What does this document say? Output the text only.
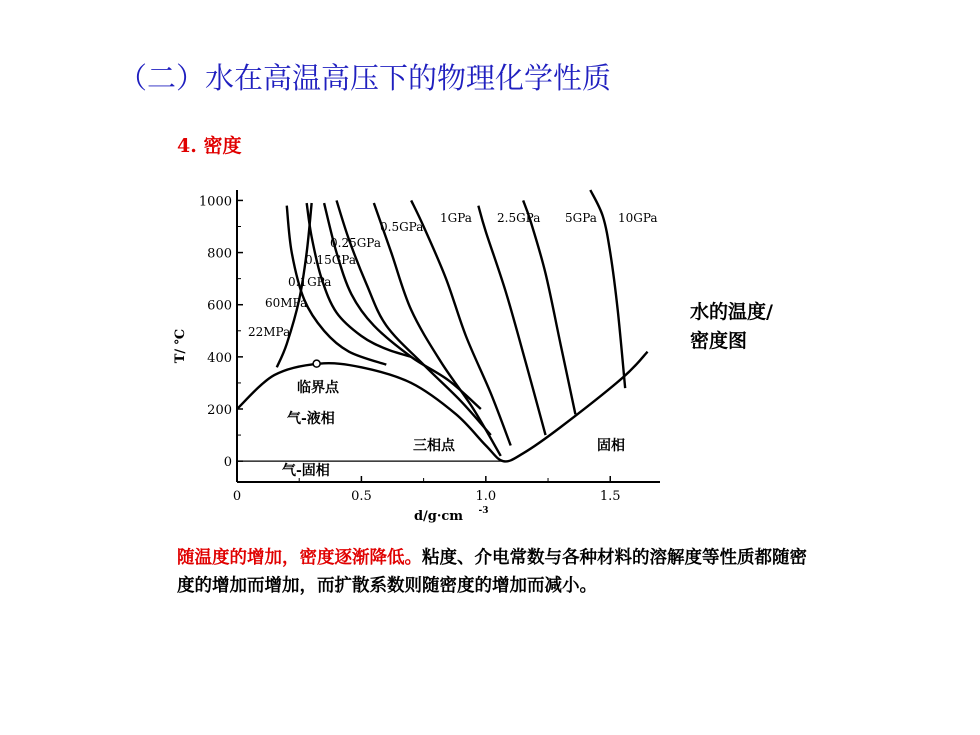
（二）水在高温高压下的物理化学性质
4. 密度
0
200
400
600
800
1000
0	0.5	1.0	1.5
d/g·cm -3
T/ ℃	22MPa
60MPa
0.1GPa
0.15GPa
0.25GPa
0.5GPa
1GPa 2.5GPa 5GPa 10GPa
临界点
气-液相
三相点	固相
气-固相
水的温度/
密度图
随温度的增加，密度逐渐降低。粘度、介电常数与各种材料的溶解度等性质都随密度的增加而增加，而扩散系数则随密度的增加而减小。
